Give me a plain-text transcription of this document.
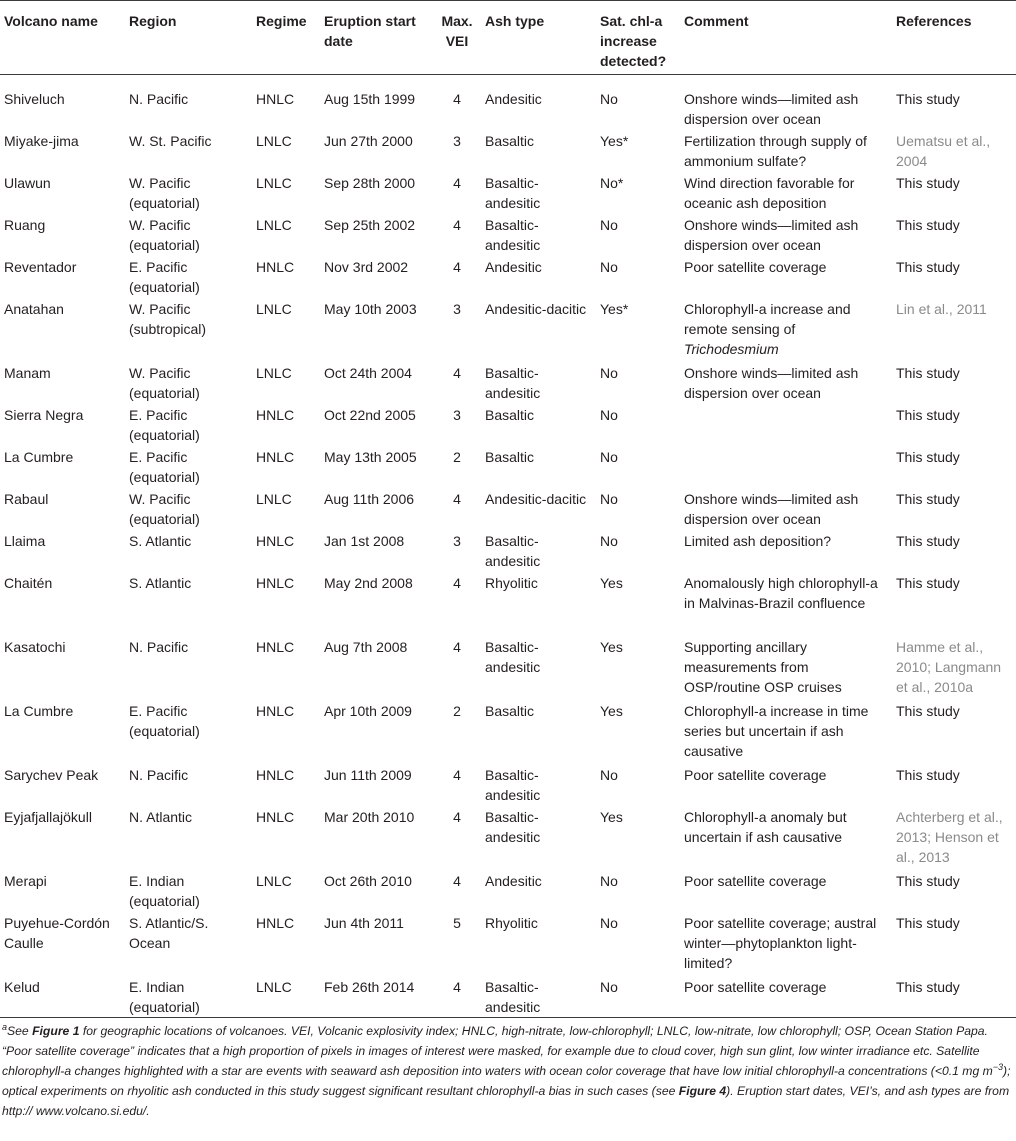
Volcano name	Region	Regime	Eruption start date	Max. VEI	Ash type	Sat. chl-a increase detected?	Comment	References
Shiveluch	N. Pacific	HNLC	Aug 15th 1999	4	Andesitic	No	Onshore winds—limited ash dispersion over ocean	This study
Miyake-jima	W. St. Pacific	LNLC	Jun 27th 2000	3	Basaltic	Yes*	Fertilization through supply of ammonium sulfate?	Uematsu et al., 2004
Ulawun	W. Pacific (equatorial)	LNLC	Sep 28th 2000	4	Basaltic-andesitic	No*	Wind direction favorable for oceanic ash deposition	This study
Ruang	W. Pacific (equatorial)	LNLC	Sep 25th 2002	4	Basaltic-andesitic	No	Onshore winds—limited ash dispersion over ocean	This study
Reventador	E. Pacific (equatorial)	HNLC	Nov 3rd 2002	4	Andesitic	No	Poor satellite coverage	This study
Anatahan	W. Pacific (subtropical)	LNLC	May 10th 2003	3	Andesitic-dacitic	Yes*	Chlorophyll-a increase and remote sensing of Trichodesmium	Lin et al., 2011
Manam	W. Pacific (equatorial)	LNLC	Oct 24th 2004	4	Basaltic-andesitic	No	Onshore winds—limited ash dispersion over ocean	This study
Sierra Negra	E. Pacific (equatorial)	HNLC	Oct 22nd 2005	3	Basaltic	No		This study
La Cumbre	E. Pacific (equatorial)	HNLC	May 13th 2005	2	Basaltic	No		This study
Rabaul	W. Pacific (equatorial)	LNLC	Aug 11th 2006	4	Andesitic-dacitic	No	Onshore winds—limited ash dispersion over ocean	This study
Llaima	S. Atlantic	HNLC	Jan 1st 2008	3	Basaltic-andesitic	No	Limited ash deposition?	This study
Chaitén	S. Atlantic	HNLC	May 2nd 2008	4	Rhyolitic	Yes	Anomalously high chlorophyll-a in Malvinas-Brazil confluence	This study
Kasatochi	N. Pacific	HNLC	Aug 7th 2008	4	Basaltic-andesitic	Yes	Supporting ancillary measurements from OSP/routine OSP cruises	Hamme et al., 2010; Langmann et al., 2010a
La Cumbre	E. Pacific (equatorial)	HNLC	Apr 10th 2009	2	Basaltic	Yes	Chlorophyll-a increase in time series but uncertain if ash causative	This study
Sarychev Peak	N. Pacific	HNLC	Jun 11th 2009	4	Basaltic-andesitic	No	Poor satellite coverage	This study
Eyjafjallajökull	N. Atlantic	HNLC	Mar 20th 2010	4	Basaltic-andesitic	Yes	Chlorophyll-a anomaly but uncertain if ash causative	Achterberg et al., 2013; Henson et al., 2013
Merapi	E. Indian (equatorial)	LNLC	Oct 26th 2010	4	Andesitic	No	Poor satellite coverage	This study
Puyehue-Cordón Caulle	S. Atlantic/S. Ocean	HNLC	Jun 4th 2011	5	Rhyolitic	No	Poor satellite coverage; austral winter—phytoplankton light-limited?	This study
Kelud	E. Indian (equatorial)	LNLC	Feb 26th 2014	4	Basaltic-andesitic	No	Poor satellite coverage	This study
$^a$See Figure 1 for geographic locations of volcanoes. VEI, Volcanic explosivity index; HNLC, high-nitrate, low-chlorophyll; LNLC, low-nitrate, low chlorophyll; OSP, Ocean Station Papa. “Poor satellite coverage” indicates that a high proportion of pixels in images of interest were masked, for example due to cloud cover, high sun glint, low winter irradiance etc. Satellite chlorophyll-a changes highlighted with a star are events with seaward ash deposition into waters with ocean color coverage that have low initial chlorophyll-a concentrations (<0.1 mg $m^{-3}$); optical experiments on rhyolitic ash conducted in this study suggest significant resultant chlorophyll-a bias in such cases (see Figure 4). Eruption start dates, VEI’s, and ash types are from http:// www.volcano.si.edu/.
